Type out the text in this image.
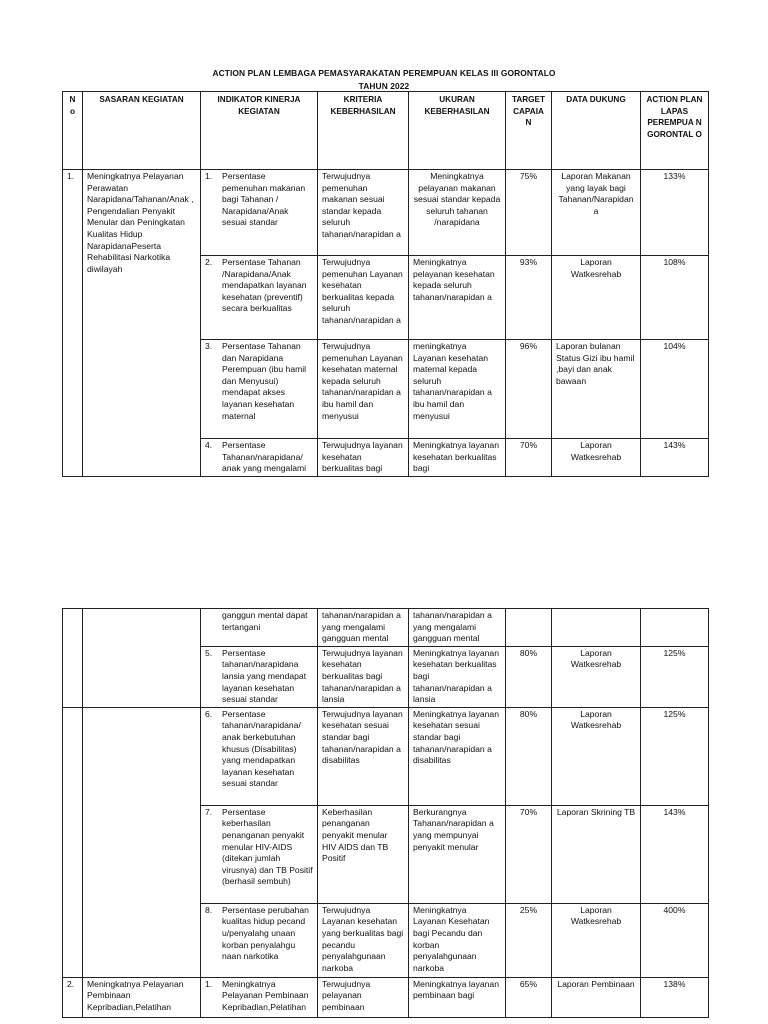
ACTION PLAN LEMBAGA PEMASYARAKATAN PEREMPUAN KELAS III GORONTALO
TAHUN 2022
N o	SASARAN KEGIATAN	INDIKATOR KINERJA KEGIATAN	KRITERIA KEBERHASILAN	UKURAN KEBERHASILAN	TARGET CAPAIA N	DATA DUKUNG	ACTION PLAN LAPAS PEREMPUA N GORONTAL O
1.	Meningkatnya Pelayanan Perawatan Narapidana/Tahanan/Anak , Pengendalian Penyakit Menular dan Peningkatan Kualitas Hidup NarapidanaPeserta Rehabilitasi Narkotika diwilayah	1. Persentase pemenuhan makanan bagi Tahanan / Narapidana/Anak sesuai standar	Terwujudnya pemenuhan makanan sesuai standar kepada seluruh tahanan/narapidan a	Meningkatnya pelayanan makanan sesuai standar kepada seluruh tahanan /narapidana	75%	Laporan Makanan yang layak bagi Tahanan/Narapidan a	133%

		2. Persentase Tahanan /Narapidana/Anak mendapatkan layanan kesehatan (preventif) secara berkualitas	Terwujudnya pemenuhan Layanan kesehatan berkualitas kepada seluruh tahanan/narapidan a	Meningkatnya pelayanan kesehatan kepada seluruh tahanan/narapidan a	93%	Laporan Watkesrehab	108%

		3. Persentase Tahanan dan Narapidana Perempuan (ibu hamil dan Menyusui) mendapat akses layanan kesehatan maternal	Terwujudnya pemenuhan Layanan kesehatan maternal kepada seluruh tahanan/narapidan a ibu hamil dan menyusui	meningkatnya Layanan kesehatan maternal kepada seluruh tahanan/narapidan a ibu hamil dan menyusui	96%	Laporan bulanan Status Gizi ibu hamil ,bayi dan anak bawaan	104%

		4. Persentase Tahanan/narapidana/ anak yang mengalami	Terwujudnya layanan kesehatan berkualitas bagi	Meningkatnya layanan kesehatan berkualitas bagi	70%	Laporan Watkesrehab	143%

		ganggun mental dapat tertangani	tahanan/narapidan a yang mengalami gangguan mental	tahanan/narapidan a yang mengalami gangguan mental			

		5. Persentase tahanan/narapidana lansia yang mendapat layanan kesehatan sesuai standar	Terwujudnya layanan kesehatan berkualitas bagi tahanan/narapidan a lansia	Meningkatnya layanan kesehatan berkualitas bagi tahanan/narapidan a lansia	80%	Laporan Watkesrehab	125%

		6. Persentase tahanan/narapidana/ anak berkebutuhan khusus (Disabilitas) yang mendapatkan layanan kesehatan sesuai standar	Terwujudnya layanan kesehatan sesuai standar bagi tahanan/narapidan a disabilitas	Meningkatnya layanan kesehatan sesuai standar bagi tahanan/narapidan a disabilitas	80%	Laporan Watkesrehab	125%

		7. Persentase keberhasilan penanganan penyakit menular HIV-AIDS (ditekan jumlah virusnya) dan TB Positif (berhasil sembuh)	Keberhasilan penanganan penyakit menular HIV AIDS dan TB Positif	Berkurangnya Tahanan/narapidan a yang mempunyai penyakit menular	70%	Laporan Skrining TB	143%

		8. Persentase perubahan kualitas hidup pecand u/penyalahg unaan korban penyalahgu naan narkotika	Terwujudnya Layanan kesehatan yang berkualitas bagi pecandu penyalahgunaan narkoba	Meningkatnya Layanan Kesehatan bagi Pecandu dan korban penyalahgunaan narkoba	25%	Laporan Watkesrehab	400%
2.	Meningkatnya Pelayanan Pembinaan Kepribadian,Pelatihan	1. Meningkatnya Pelayanan Pembinaan Kepribadian,Pelatihan	Terwujudnya pelayanan pembinaan	Meningkatnya layanan pembinaan bagi	65%	Laporan Pembinaan	138%
